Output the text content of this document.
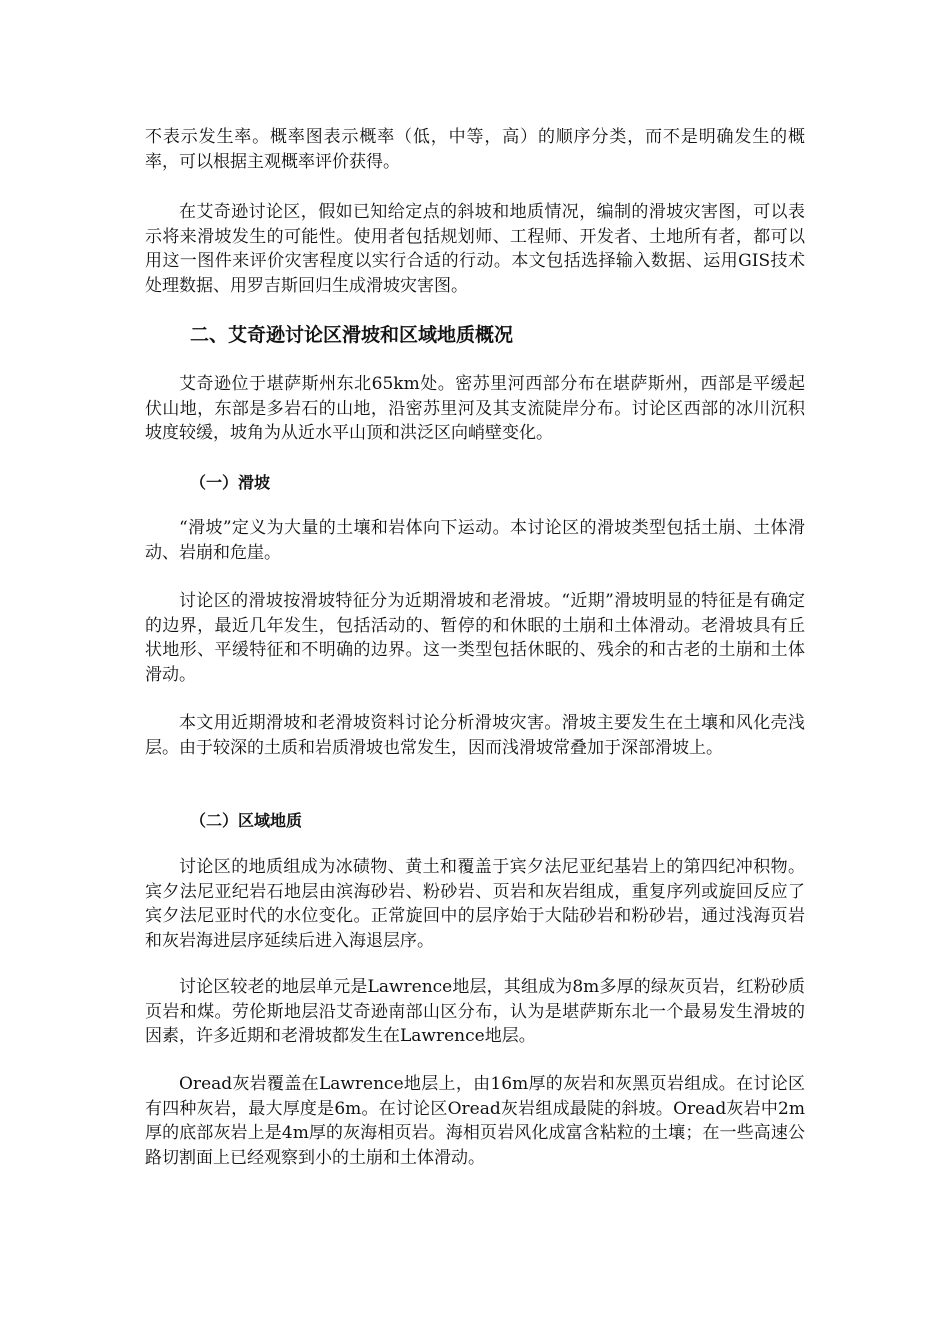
不表示发生率。概率图表示概率（低，中等，高）的顺序分类，而不是明确发生的概率，可以根据主观概率评价获得。

在艾奇逊讨论区，假如已知给定点的斜坡和地质情况，编制的滑坡灾害图，可以表示将来滑坡发生的可能性。使用者包括规划师、工程师、开发者、土地所有者，都可以用这一图件来评价灾害程度以实行合适的行动。本文包括选择输入数据、运用GIS技术处理数据、用罗吉斯回归生成滑坡灾害图。

二、艾奇逊讨论区滑坡和区域地质概况

艾奇逊位于堪萨斯州东北65km处。密苏里河西部分布在堪萨斯州，西部是平缓起伏山地，东部是多岩石的山地，沿密苏里河及其支流陡岸分布。讨论区西部的冰川沉积坡度较缓，坡角为从近水平山顶和洪泛区向峭壁变化。

（一）滑坡

“滑坡”定义为大量的土壤和岩体向下运动。本讨论区的滑坡类型包括土崩、土体滑动、岩崩和危崖。

讨论区的滑坡按滑坡特征分为近期滑坡和老滑坡。“近期”滑坡明显的特征是有确定的边界，最近几年发生，包括活动的、暂停的和休眠的土崩和土体滑动。老滑坡具有丘状地形、平缓特征和不明确的边界。这一类型包括休眠的、残余的和古老的土崩和土体滑动。

本文用近期滑坡和老滑坡资料讨论分析滑坡灾害。滑坡主要发生在土壤和风化壳浅层。由于较深的土质和岩质滑坡也常发生，因而浅滑坡常叠加于深部滑坡上。

（二）区域地质

讨论区的地质组成为冰碛物、黄土和覆盖于宾夕法尼亚纪基岩上的第四纪冲积物。宾夕法尼亚纪岩石地层由滨海砂岩、粉砂岩、页岩和灰岩组成，重复序列或旋回反应了宾夕法尼亚时代的水位变化。正常旋回中的层序始于大陆砂岩和粉砂岩，通过浅海页岩和灰岩海进层序延续后进入海退层序。

讨论区较老的地层单元是Lawrence地层，其组成为8m多厚的绿灰页岩，红粉砂质页岩和煤。劳伦斯地层沿艾奇逊南部山区分布，认为是堪萨斯东北一个最易发生滑坡的因素，许多近期和老滑坡都发生在Lawrence地层。

Oread灰岩覆盖在Lawrence地层上，由16m厚的灰岩和灰黑页岩组成。在讨论区有四种灰岩，最大厚度是6m。在讨论区Oread灰岩组成最陡的斜坡。Oread灰岩中2m厚的底部灰岩上是4m厚的灰海相页岩。海相页岩风化成富含粘粒的土壤；在一些高速公路切割面上已经观察到小的土崩和土体滑动。
